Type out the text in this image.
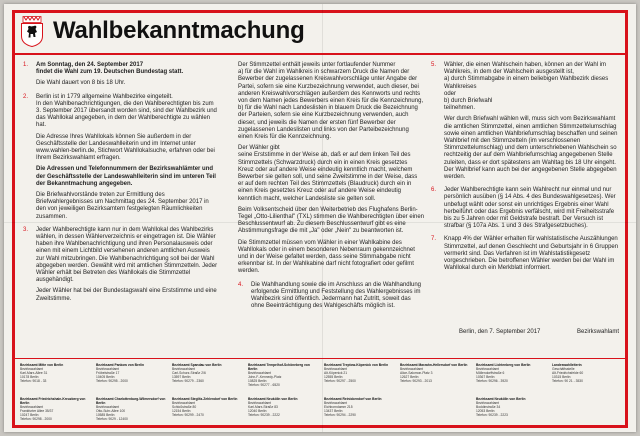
Wahlbekanntmachung
1. Am Sonntag, den 24. September 2017
findet die Wahl zum 19. Deutschen Bundestag statt.

Die Wahl dauert von 8 bis 18 Uhr.

2. Berlin ist in 1779 allgemeine Wahlbezirke eingeteilt.
In den Wahlbenachrichtigungen, die den Wahlberechtigten bis zum 3. September 2017 übersandt worden sind, sind der Wahlbezirk und das Wahllokal angegeben, in dem der Wahlberechtigte zu wählen hat.

Die Adresse Ihres Wahllokals können Sie außerdem in der Geschäftsstelle der Landeswahlleiterin und im Internet unter www.wahlen-berlin.de, Stichwort Wahllokalsuche, erfahren oder bei Ihrem Bezirkswahlamt erfragen.

Die Adressen und Telefonnummern der Bezirkswahlämter und der Geschäftsstelle der Landeswahlleiterin sind im unteren Teil der Bekanntmachung angegeben.

Die Briefwahlvorstände treten zur Ermittlung des Briefwahlergebnisses um Nachmittag des 24. September 2017 in den von jeweiligen Bezirksamtern festgelegten Räumlichkeiten zusammen.

3. Jeder Wahlberechtigte kann nur in dem Wahllokal des Wahlbezirks wählen, in dessen Wählerverzeichnis er eingetragen ist. Die Wähler haben ihre Wahlbenachrichtigung und ihren Personalausweis oder einen mit einem Lichtbild versehenen anderen amtlichen Ausweis zur Wahl mitzubringen. Die Wahlbenachrichtigung soll bei der Wahl abgegeben werden. Gewählt wird mit amtlichen Stimmzetteln. Jeder Wähler erhält bei Betreten des Wahllokals die Stimmzettel ausgehändigt.

Jeder Wähler hat bei der Bundestagswahl eine Erststimme und eine Zweitstimme.

Der Stimmzettel enthält jeweils unter fortlaufender Nummer
a) für die Wahl im Wahlkreis in schwarzem Druck die Namen der Bewerber der zugelassenen Kreiswahlvorschläge unter Angabe der Partei, sofern sie eine Kurzbezeichnung verwendet, auch dieser, bei anderen Kreiswahlvorschlägen außerdem des Kennworts und rechts von dem Namen jedes Bewerbers einen Kreis für die Kennzeichnung,
b) für die Wahl nach Landeslisten in blauem Druck die Bezeichnung der Parteien, sofern sie eine Kurzbezeichnung verwenden, auch dieser, und jeweils die Namen der ersten fünf Bewerber der zugelassenen Landeslisten und links von der Parteibezeichnung einen Kreis für die Kennzeichnung.

Der Wähler gibt
seine Erststimme in der Weise ab, daß er auf dem linken Teil des Stimmzettels (Schwarzdruck) durch ein in einen Kreis gesetztes Kreuz oder auf andere Weise eindeutig kenntlich macht, welchem Bewerber sie gelten soll, und seine Zweitstimme in der Weise, dass er auf dem rechten Teil des Stimmzettels (Blaudruck) durch ein in einen Kreis gesetztes Kreuz oder auf andere Weise eindeutig kenntlich macht, welcher Landesliste sie gelten soll.

Beim Volksentscheid über den Weiterbetrieb des Flughafens Berlin-Tegel „Otto-Lilienthal" (TXL) stimmen die Wahlberechtigten über einen Beschlussentwurf ab. Zu diesem Beschlussentwurf gibt es eine Abstimmungsfrage die mit „Ja" oder „Nein" zu beantworten ist.

Die Stimmzettel müssen vom Wähler in einer Wahlkabine des Wahllokals oder in einem besonderen Nebenraum gekennzeichnet und in der Weise gefaltet werden, dass seine Stimmabgabe nicht erkennbar ist. In der Wahlkabine darf nicht fotografiert oder gefilmt werden.

4. Die Wahlhandlung sowie die im Anschluss an die Wahlhandlung erfolgende Ermittlung und Feststellung des Wahlergebnisses im Wahlbezirk sind öffentlich. Jedermann hat Zutritt, soweit das ohne Beeinträchtigung des Wahlgeschäfts möglich ist.

5. Wähler, die einen Wahlschein haben, können an der Wahl im Wahlkreis, in dem der Wahlschein ausgestellt ist,
a) durch Stimmabgabe in einem beliebigen Wahlbezirk dieses Wahlkreises
oder
b) durch Briefwahl
teilnehmen.

Wer durch Briefwahl wählen will, muss sich vom Bezirkswahlamt die amtlichen Stimmzettel, einen amtlichen Stimmzettelumschlag sowie einen amtlichen Wahlbriefumschlag beschaffen und seinen Wahlbrief mit den Stimmzetteln (im verschlossenen Stimmzettelumschlag) und dem unterschriebenen Wahlschein so rechtzeitig der auf dem Wahlbriefumschlag angegebenen Stelle zuleiten, dass er dort spätestens am Wahltag bis 18 Uhr eingeht. Der Wahlbrief kann auch bei der angegebenen Stelle abgegeben werden.

6. Jeder Wahlberechtigte kann sein Wahlrecht nur einmal und nur persönlich ausüben (§ 14 Abs. 4 des Bundeswahlgesetzes). Wer unbefugt wählt oder sonst ein unrichtiges Ergebnis einer Wahl herbeiführt oder das Ergebnis verfälscht, wird mit Freiheitsstrafe bis zu 5 Jahren oder mit Geldstrafe bestraft. Der Versuch ist strafbar (§ 107a Abs. 1 und 3 des Strafgesetzbuches).

7. Knapp 4% der Wähler erhalten für wahlstatistische Auszählungen Stimmzettel, auf denen Geschlecht und Geburtsjahr in 6 Gruppen vermerkt sind. Das Verfahren ist im Wahlstatistikgesetz vorgeschrieben. Die betroffenen Wähler werden bei der Wahl im Wahllokal durch ein Merkblatt informiert.

Berlin, den 7. September 2017	Bezirkswahlamt
Bezirksamt Mitte von Berlin
Bezirkswahlamt
Karl-Marx-Allee 31
10178 Berlin
Telefon: 9018 - 33
Bezirksamt Pankow von Berlin
Bezirkswahlamt
Fröbelstraße 17
10405 Berlin
Telefon: 90295 - 2000
Bezirksamt Spandau von Berlin
Bezirkswahlamt
Carl-Schurz-Straße 2/6
13597 Berlin
Telefon: 90279 - 2360
Bezirksamt Tempelhof-Schöneberg von Berlin
Bezirkswahlamt
John-F.-Kennedy-Platz
10825 Berlin
Telefon: 90277 - 6520
Bezirksamt Treptow-Köpenick von Berlin
Bezirkswahlamt
Alt-Köpenick 21
12555 Berlin
Telefon: 90297 - 2500
Bezirksamt Marzahn-Hellersdorf von Berlin
Bezirkswahlamt
Alice-Salomon-Platz 3
12627 Berlin
Telefon: 90293 - 2013
Bezirksamt Lichtenberg von Berlin
Bezirkswahlamt
Möllendorffstraße 6
10367 Berlin
Telefon: 90296 - 3920
Landeswahlleiterin
Geschäftsstelle
Alt-Friedrichsfelde 60
10315 Berlin
Telefon: 90 21 - 3530
Bezirksamt Friedrichshain-Kreuzberg von Berlin
Bezirkswahlamt
Frankfurter Allee 35/37
10247 Berlin
Telefon: 90298 - 2000
Bezirksamt Charlottenburg-Wilmersdorf von Berlin
Bezirkswahlamt
Otto-Suhr-Allee 100
10585 Berlin
Telefon: 9029 - 12400
Bezirksamt Steglitz-Zehlendorf von Berlin
Bezirkswahlamt
Schloßstraße 80
12154 Berlin
Telefon: 90299 - 2470
Bezirksamt Neukölln von Berlin
Bezirkswahlamt
Karl-Marx-Straße 83
12040 Berlin
Telefon: 90239 - 2222
Bezirksamt Reinickendorf von Berlin
Bezirkswahlamt
Eichborndamm 215
13437 Berlin
Telefon: 90294 - 2290
Bezirksamt Neukölln von Berlin
Bezirkswahlamt
Boddinstraße 34
12053 Berlin
Telefon: 90239 - 2223
